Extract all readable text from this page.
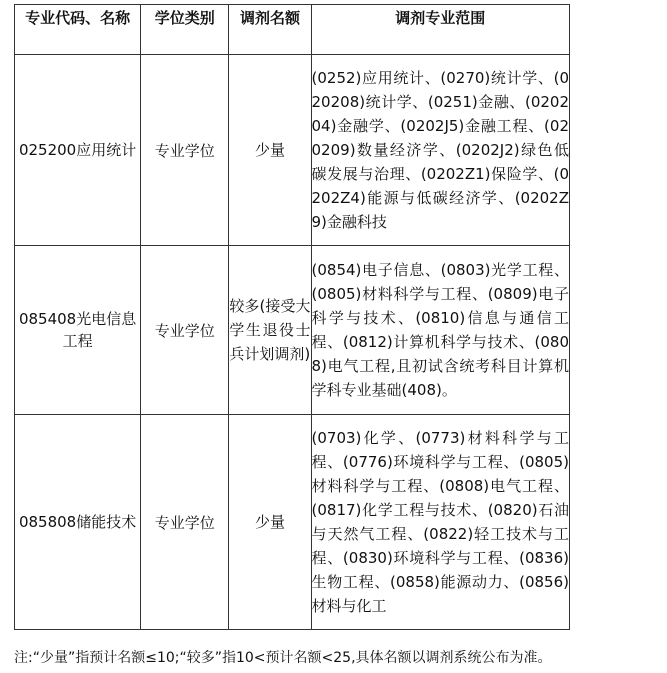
专业代码、名称	学位类别	调剂名额	调剂专业范围
025200应用统计	专业学位	少量	(0252)应用统计、(0270)统计学、(020208)统计学、(0251)金融、(020204)金融学、(0202J5)金融工程、(020209)数量经济学、(0202J2)绿色低碳发展与治理、(0202Z1)保险学、(0202Z4)能源与低碳经济学、(0202Z9)金融科技
085408光电信息工程	专业学位	较多(接受大学生退役士兵计划调剂)	(0854)电子信息、(0803)光学工程、(0805)材料科学与工程、(0809)电子科学与技术、(0810)信息与通信工程、(0812)计算机科学与技术、(0808)电气工程,且初试含统考科目计算机学科专业基础(408)。
085808储能技术	专业学位	少量	(0703)化学、(0773)材料科学与工程、(0776)环境科学与工程、(0805)材料科学与工程、(0808)电气工程、(0817)化学工程与技术、(0820)石油与天然气工程、(0822)轻工技术与工程、(0830)环境科学与工程、(0836)生物工程、(0858)能源动力、(0856)材料与化工
注:“少量”指预计名额≤10;“较多”指10<预计名额<25,具体名额以调剂系统公布为准。
